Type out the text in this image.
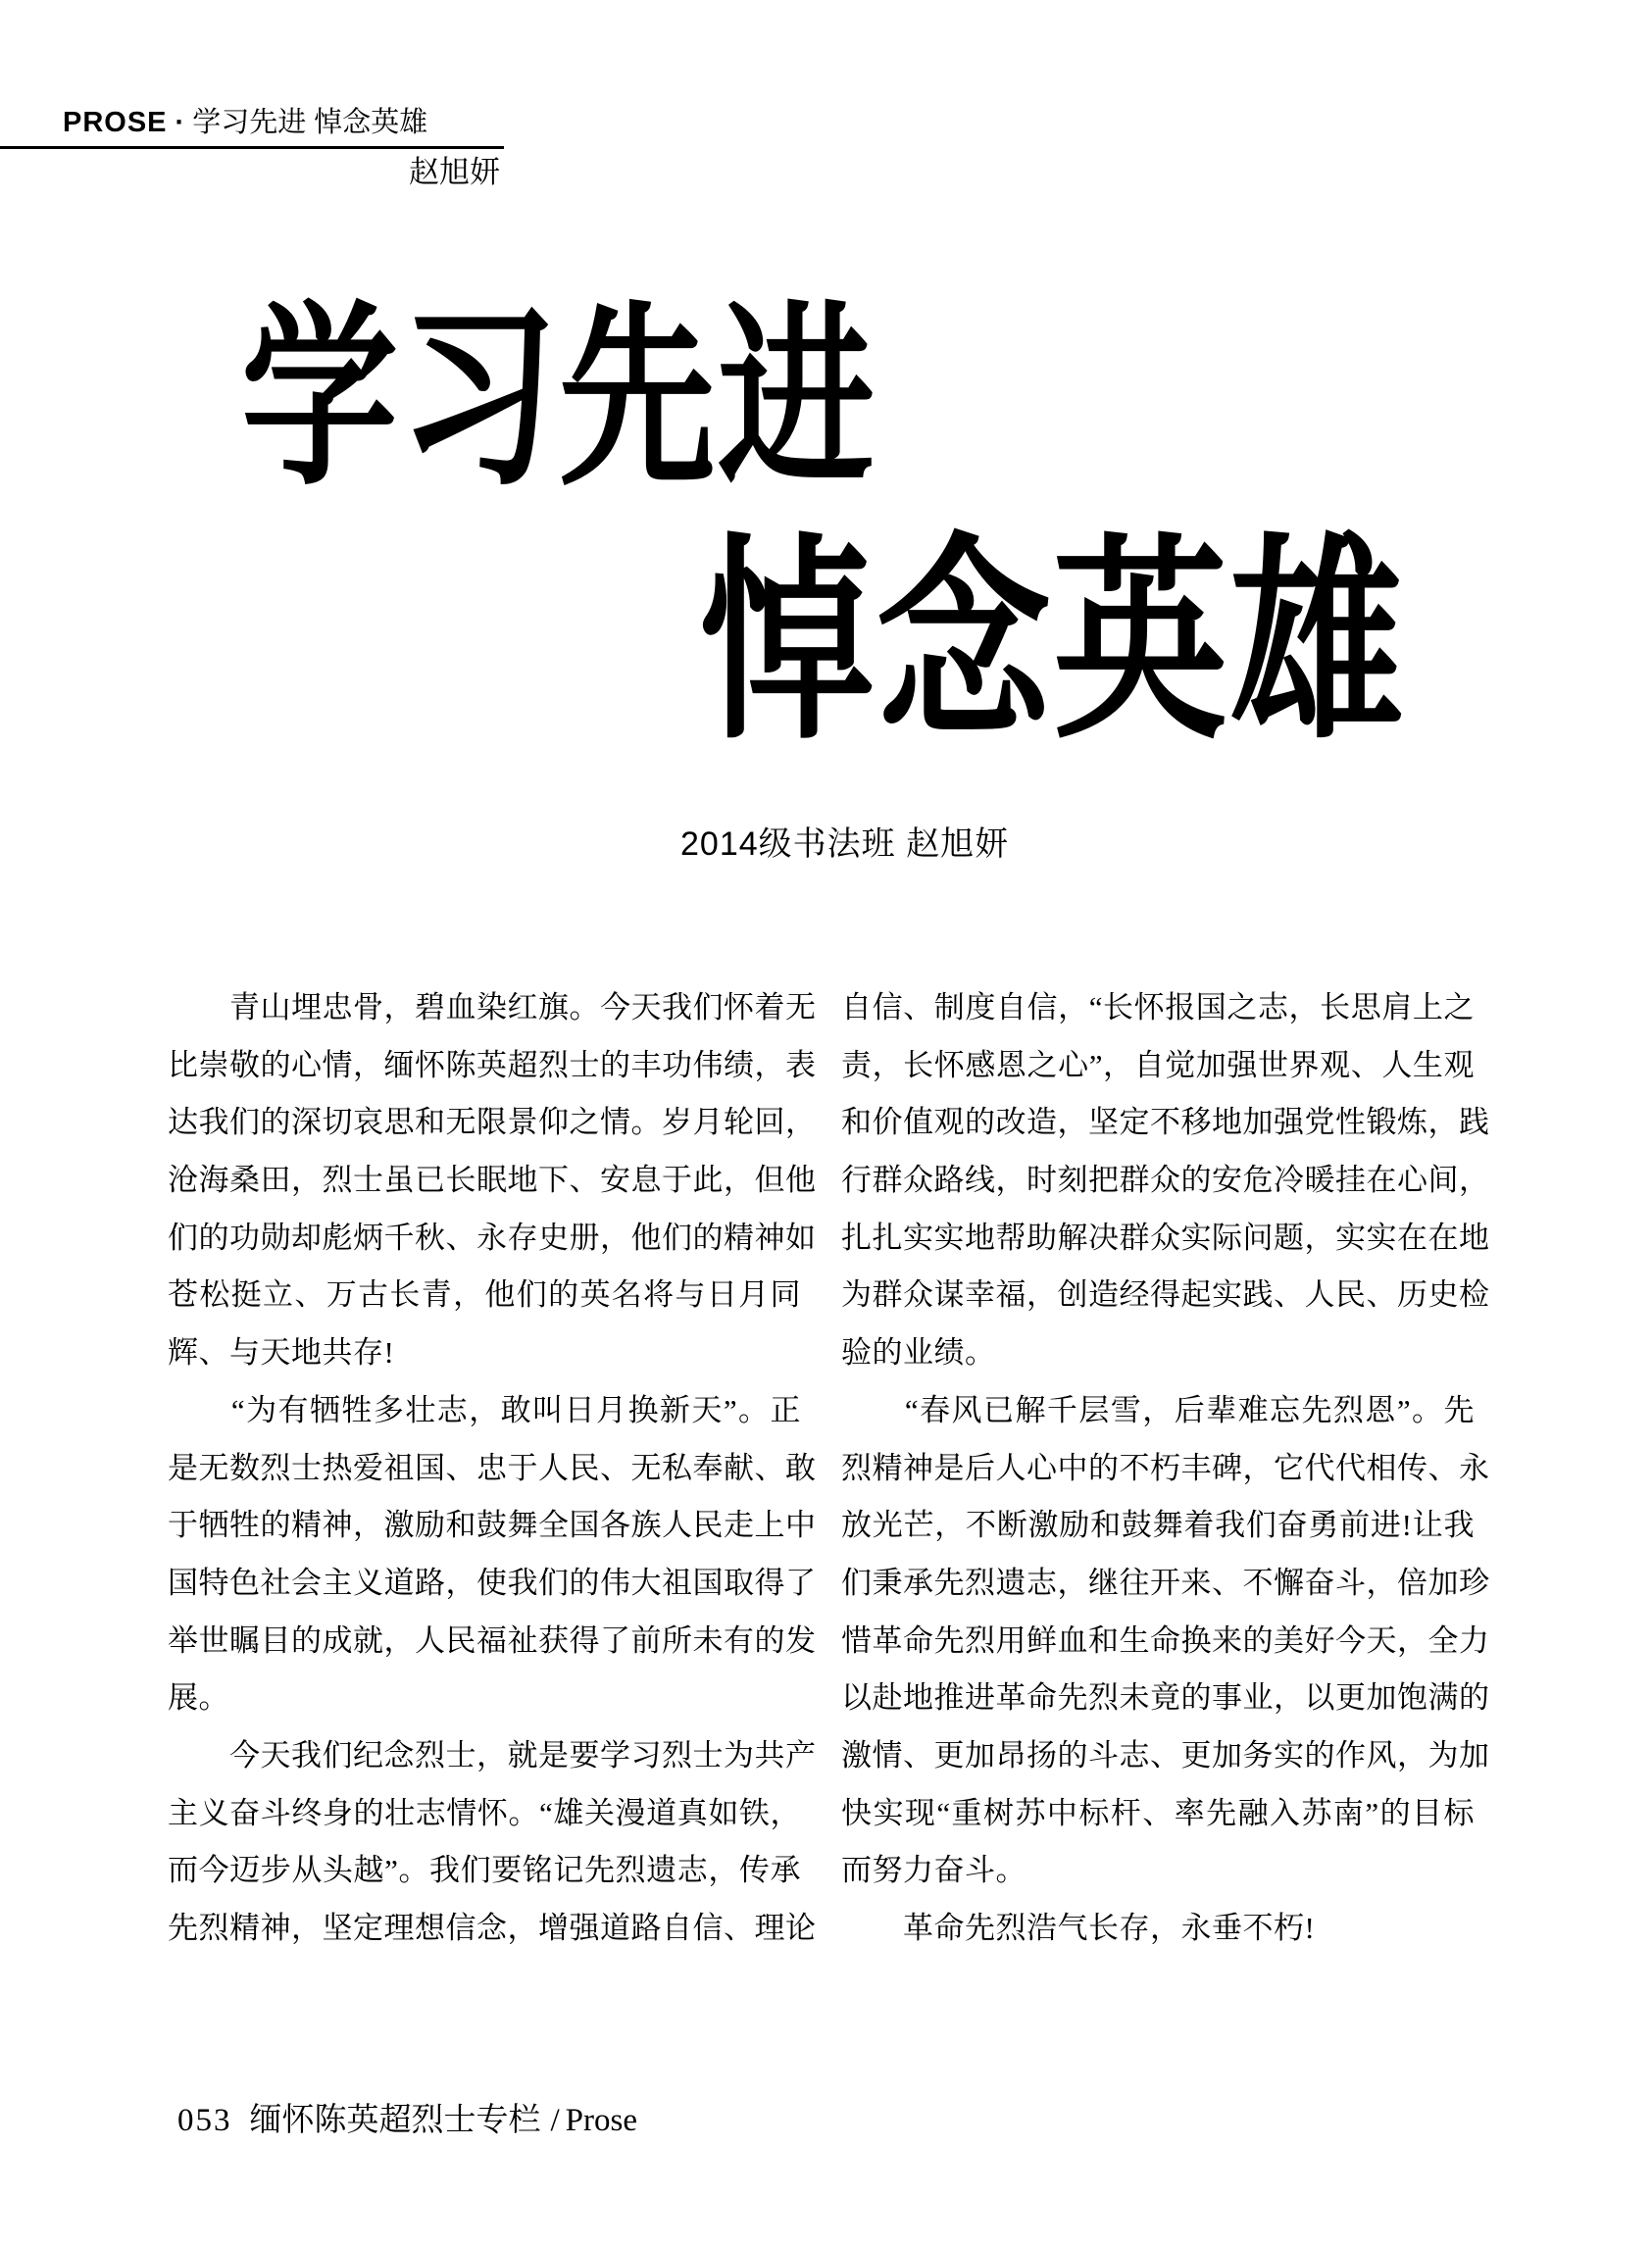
PROSE · 学习先进 悼念英雄
赵旭妍
学习先进
悼念英雄
2014级书法班 赵旭妍
　　青山埋忠骨，碧血染红旗。今天我们怀着无
比崇敬的心情，缅怀陈英超烈士的丰功伟绩，表
达我们的深切哀思和无限景仰之情。岁月轮回，
沧海桑田，烈士虽已长眠地下、安息于此，但他
们的功勋却彪炳千秋、永存史册，他们的精神如
苍松挺立、万古长青，他们的英名将与日月同
辉、与天地共存!
　　“为有牺牲多壮志，敢叫日月换新天”。正
是无数烈士热爱祖国、忠于人民、无私奉献、敢
于牺牲的精神，激励和鼓舞全国各族人民走上中
国特色社会主义道路，使我们的伟大祖国取得了
举世瞩目的成就，人民福祉获得了前所未有的发
展。
　　今天我们纪念烈士，就是要学习烈士为共产
主义奋斗终身的壮志情怀。“雄关漫道真如铁，
而今迈步从头越”。我们要铭记先烈遗志，传承
先烈精神，坚定理想信念，增强道路自信、理论
自信、制度自信，“长怀报国之志，长思肩上之
责，长怀感恩之心”，自觉加强世界观、人生观
和价值观的改造，坚定不移地加强党性锻炼，践
行群众路线，时刻把群众的安危冷暖挂在心间，
扎扎实实地帮助解决群众实际问题，实实在在地
为群众谋幸福，创造经得起实践、人民、历史检
验的业绩。
　　“春风已解千层雪，后辈难忘先烈恩”。先
烈精神是后人心中的不朽丰碑，它代代相传、永
放光芒，不断激励和鼓舞着我们奋勇前进!让我
们秉承先烈遗志，继往开来、不懈奋斗，倍加珍
惜革命先烈用鲜血和生命换来的美好今天，全力
以赴地推进革命先烈未竟的事业，以更加饱满的
激情、更加昂扬的斗志、更加务实的作风，为加
快实现“重树苏中标杆、率先融入苏南”的目标
而努力奋斗。
　　革命先烈浩气长存，永垂不朽!
053 缅怀陈英超烈士专栏 / Prose
